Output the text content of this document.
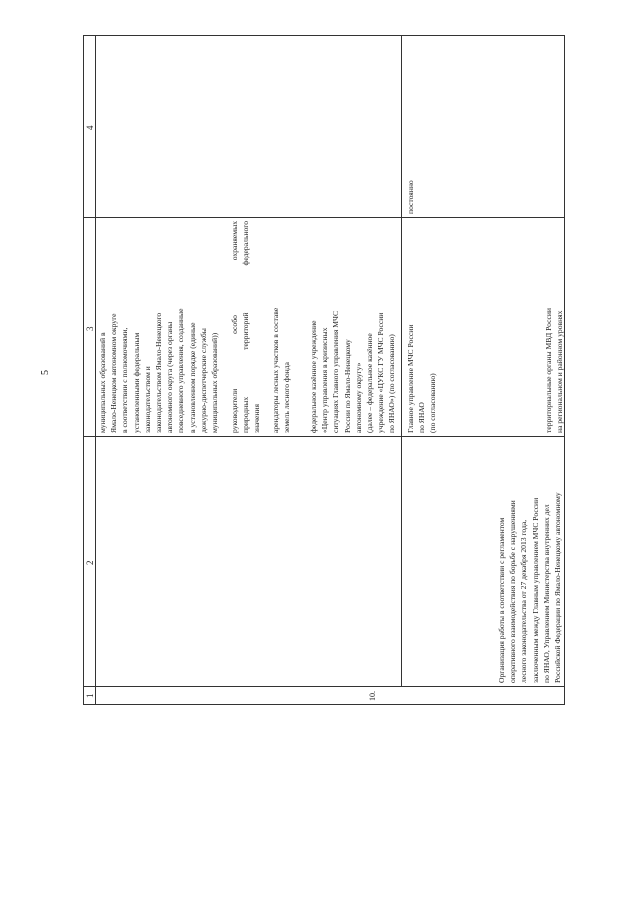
5
1
2
3
4
10.
Организация работы в соответствии с регламентом оперативного взаимодействия по борьбе с нарушениями лесного законодательства от 27 декабря 2013 года, заключенным между Главным управлением МЧС России по ЯНАО, Управлением Министерства внутренних дел Российской Федерации по Ямало-Ненецкому автономному
муниципальных образований в Ямало-Ненецком автономном округе в соответствии с полномочиями, установленными федеральным законодательством и законодательством Ямало-Ненецкого автономного округа (через органы повседневного управления, созданные в установленном порядке (единые дежурно-диспетчерские службы муниципальных образований)) руководители особо охраняемых природных территорий федерального значения арендаторы лесных участков в составе земель лесного фонда федеральное казённое учреждение «Центр управления в кризисных ситуациях Главного управления МЧС России по Ямало-Ненецкому автономному округу» (далее – федеральное казённое учреждение «ЦУКС ГУ МЧС России по ЯНАО») (по согласованию) Главное управление МЧС России по ЯНАО (по согласованию)	территориальные органы МВД России на региональном и районном уровнях
постоянно
